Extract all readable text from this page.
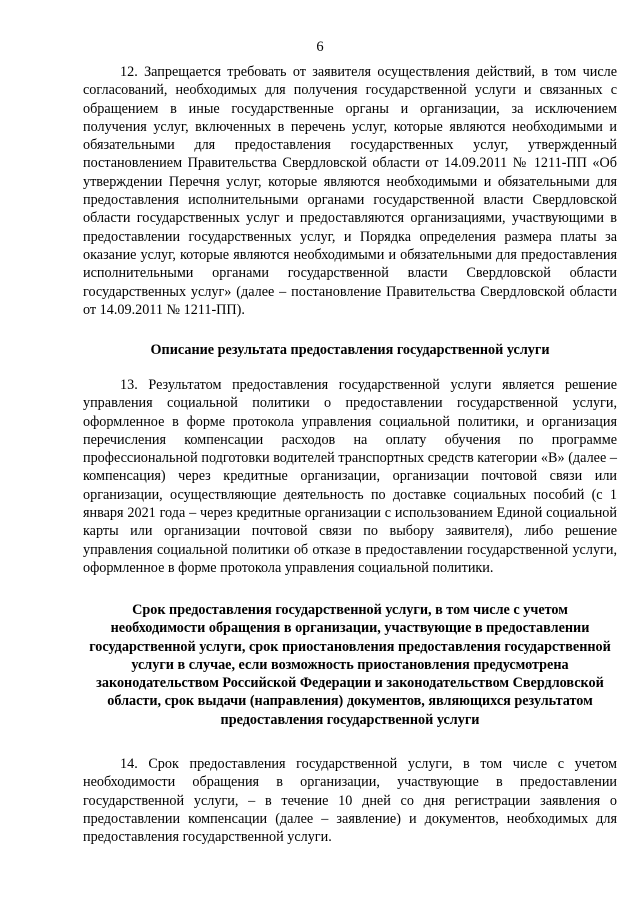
6

12. Запрещается требовать от заявителя осуществления действий, в том числе согласований, необходимых для получения государственной услуги и связанных с обращением в иные государственные органы и организации, за исключением получения услуг, включенных в перечень услуг, которые являются необходимыми и обязательными для предоставления государственных услуг, утвержденный постановлением Правительства Свердловской области от 14.09.2011 № 1211-ПП «Об утверждении Перечня услуг, которые являются необходимыми и обязательными для предоставления исполнительными органами государственной власти Свердловской области государственных услуг и предоставляются организациями, участвующими в предоставлении государственных услуг, и Порядка определения размера платы за оказание услуг, которые являются необходимыми и обязательными для предоставления исполнительными органами государственной власти Свердловской области государственных услуг» (далее – постановление Правительства Свердловской области от 14.09.2011 № 1211-ПП).

Описание результата предоставления государственной услуги

13. Результатом предоставления государственной услуги является решение управления социальной политики о предоставлении государственной услуги, оформленное в форме протокола управления социальной политики, и организация перечисления компенсации расходов на оплату обучения по программе профессиональной подготовки водителей транспортных средств категории «В» (далее – компенсация) через кредитные организации, организации почтовой связи или организации, осуществляющие деятельность по доставке социальных пособий (с 1 января 2021 года – через кредитные организации с использованием Единой социальной карты или организации почтовой связи по выбору заявителя), либо решение управления социальной политики об отказе в предоставлении государственной услуги, оформленное в форме протокола управления социальной политики.

Срок предоставления государственной услуги, в том числе с учетом необходимости обращения в организации, участвующие в предоставлении государственной услуги, срок приостановления предоставления государственной услуги в случае, если возможность приостановления предусмотрена законодательством Российской Федерации и законодательством Свердловской области, срок выдачи (направления) документов, являющихся результатом предоставления государственной услуги

14. Срок предоставления государственной услуги, в том числе с учетом необходимости обращения в организации, участвующие в предоставлении государственной услуги, – в течение 10 дней со дня регистрации заявления о предоставлении компенсации (далее – заявление) и документов, необходимых для предоставления государственной услуги.
